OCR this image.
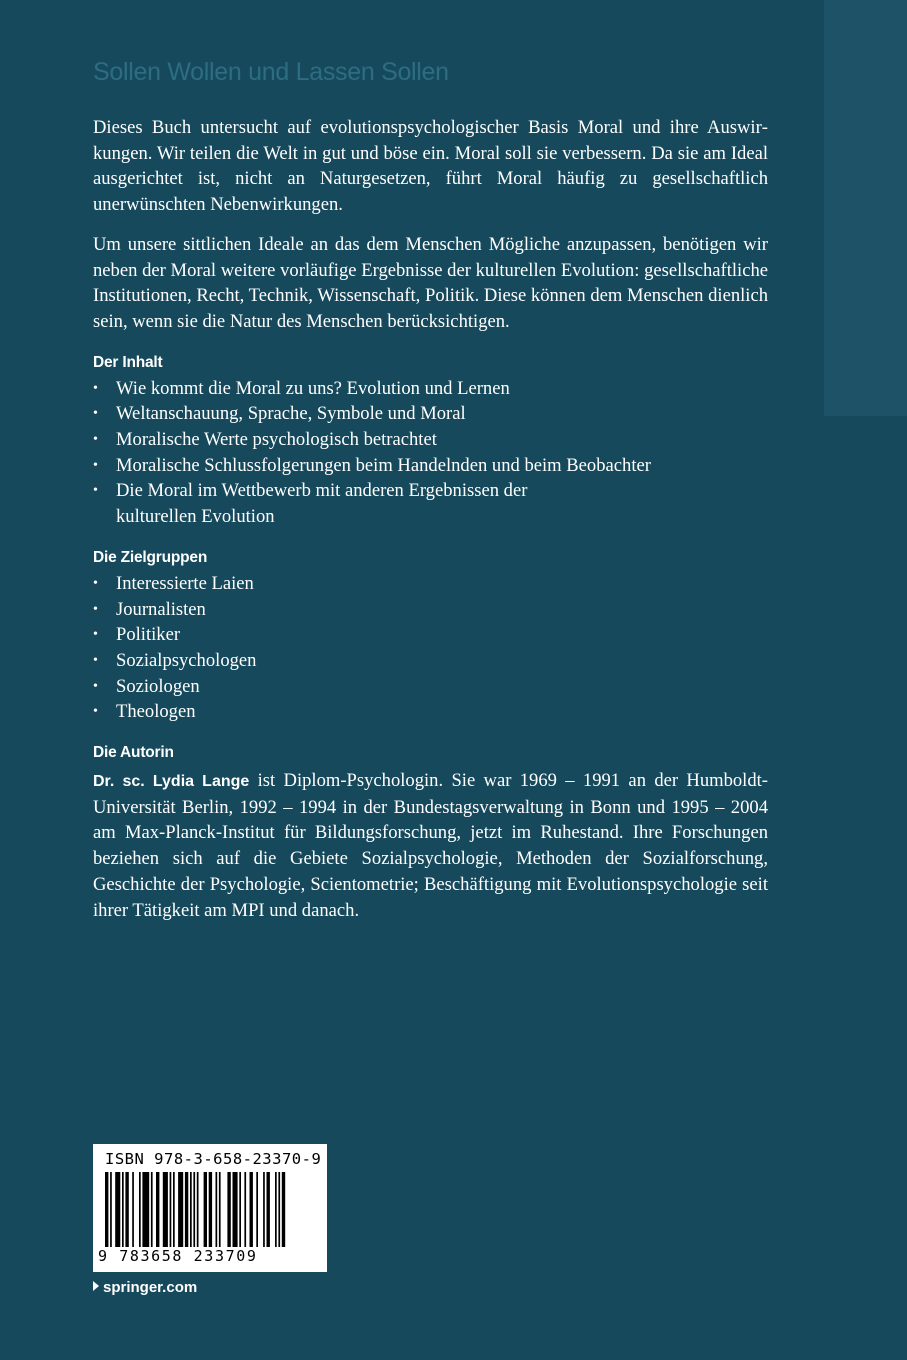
Sollen Wollen und Lassen Sollen

Dieses Buch untersucht auf evolutionspsychologischer Basis Moral und ihre Auswirkungen. Wir teilen die Welt in gut und böse ein. Moral soll sie verbessern. Da sie am Ideal ausgerichtet ist, nicht an Naturgesetzen, führt Moral häufig zu gesellschaftlich unerwünschten Nebenwirkungen.

Um unsere sittlichen Ideale an das dem Menschen Mögliche anzupassen, benötigen wir neben der Moral weitere vorläufige Ergebnisse der kulturellen Evolution: gesellschaftliche Institutionen, Recht, Technik, Wissenschaft, Politik. Diese können dem Menschen dienlich sein, wenn sie die Natur des Menschen berücksichtigen.

Der Inhalt
• Wie kommt die Moral zu uns? Evolution und Lernen
• Weltanschauung, Sprache, Symbole und Moral
• Moralische Werte psychologisch betrachtet
• Moralische Schlussfolgerungen beim Handelnden und beim Beobachter
• Die Moral im Wettbewerb mit anderen Ergebnissen der kulturellen Evolution
Die Zielgruppen
• Interessierte Laien
• Journalisten
• Politiker
• Sozialpsychologen
• Soziologen
• Theologen
Die Autorin

Dr. sc. Lydia Lange ist Diplom-Psychologin. Sie war 1969 – 1991 an der Humboldt-Universität Berlin, 1992 – 1994 in der Bundestagsverwaltung in Bonn und 1995 – 2004 am Max-Planck-Institut für Bildungsforschung, jetzt im Ruhestand. Ihre Forschungen beziehen sich auf die Gebiete Sozialpsychologie, Methoden der Sozialforschung, Geschichte der Psychologie, Scientometrie; Beschäftigung mit Evolutionspsychologie seit ihrer Tätigkeit am MPI und danach.

ISBN 978-3-658-23370-9
9 783658 233709
springer.com
